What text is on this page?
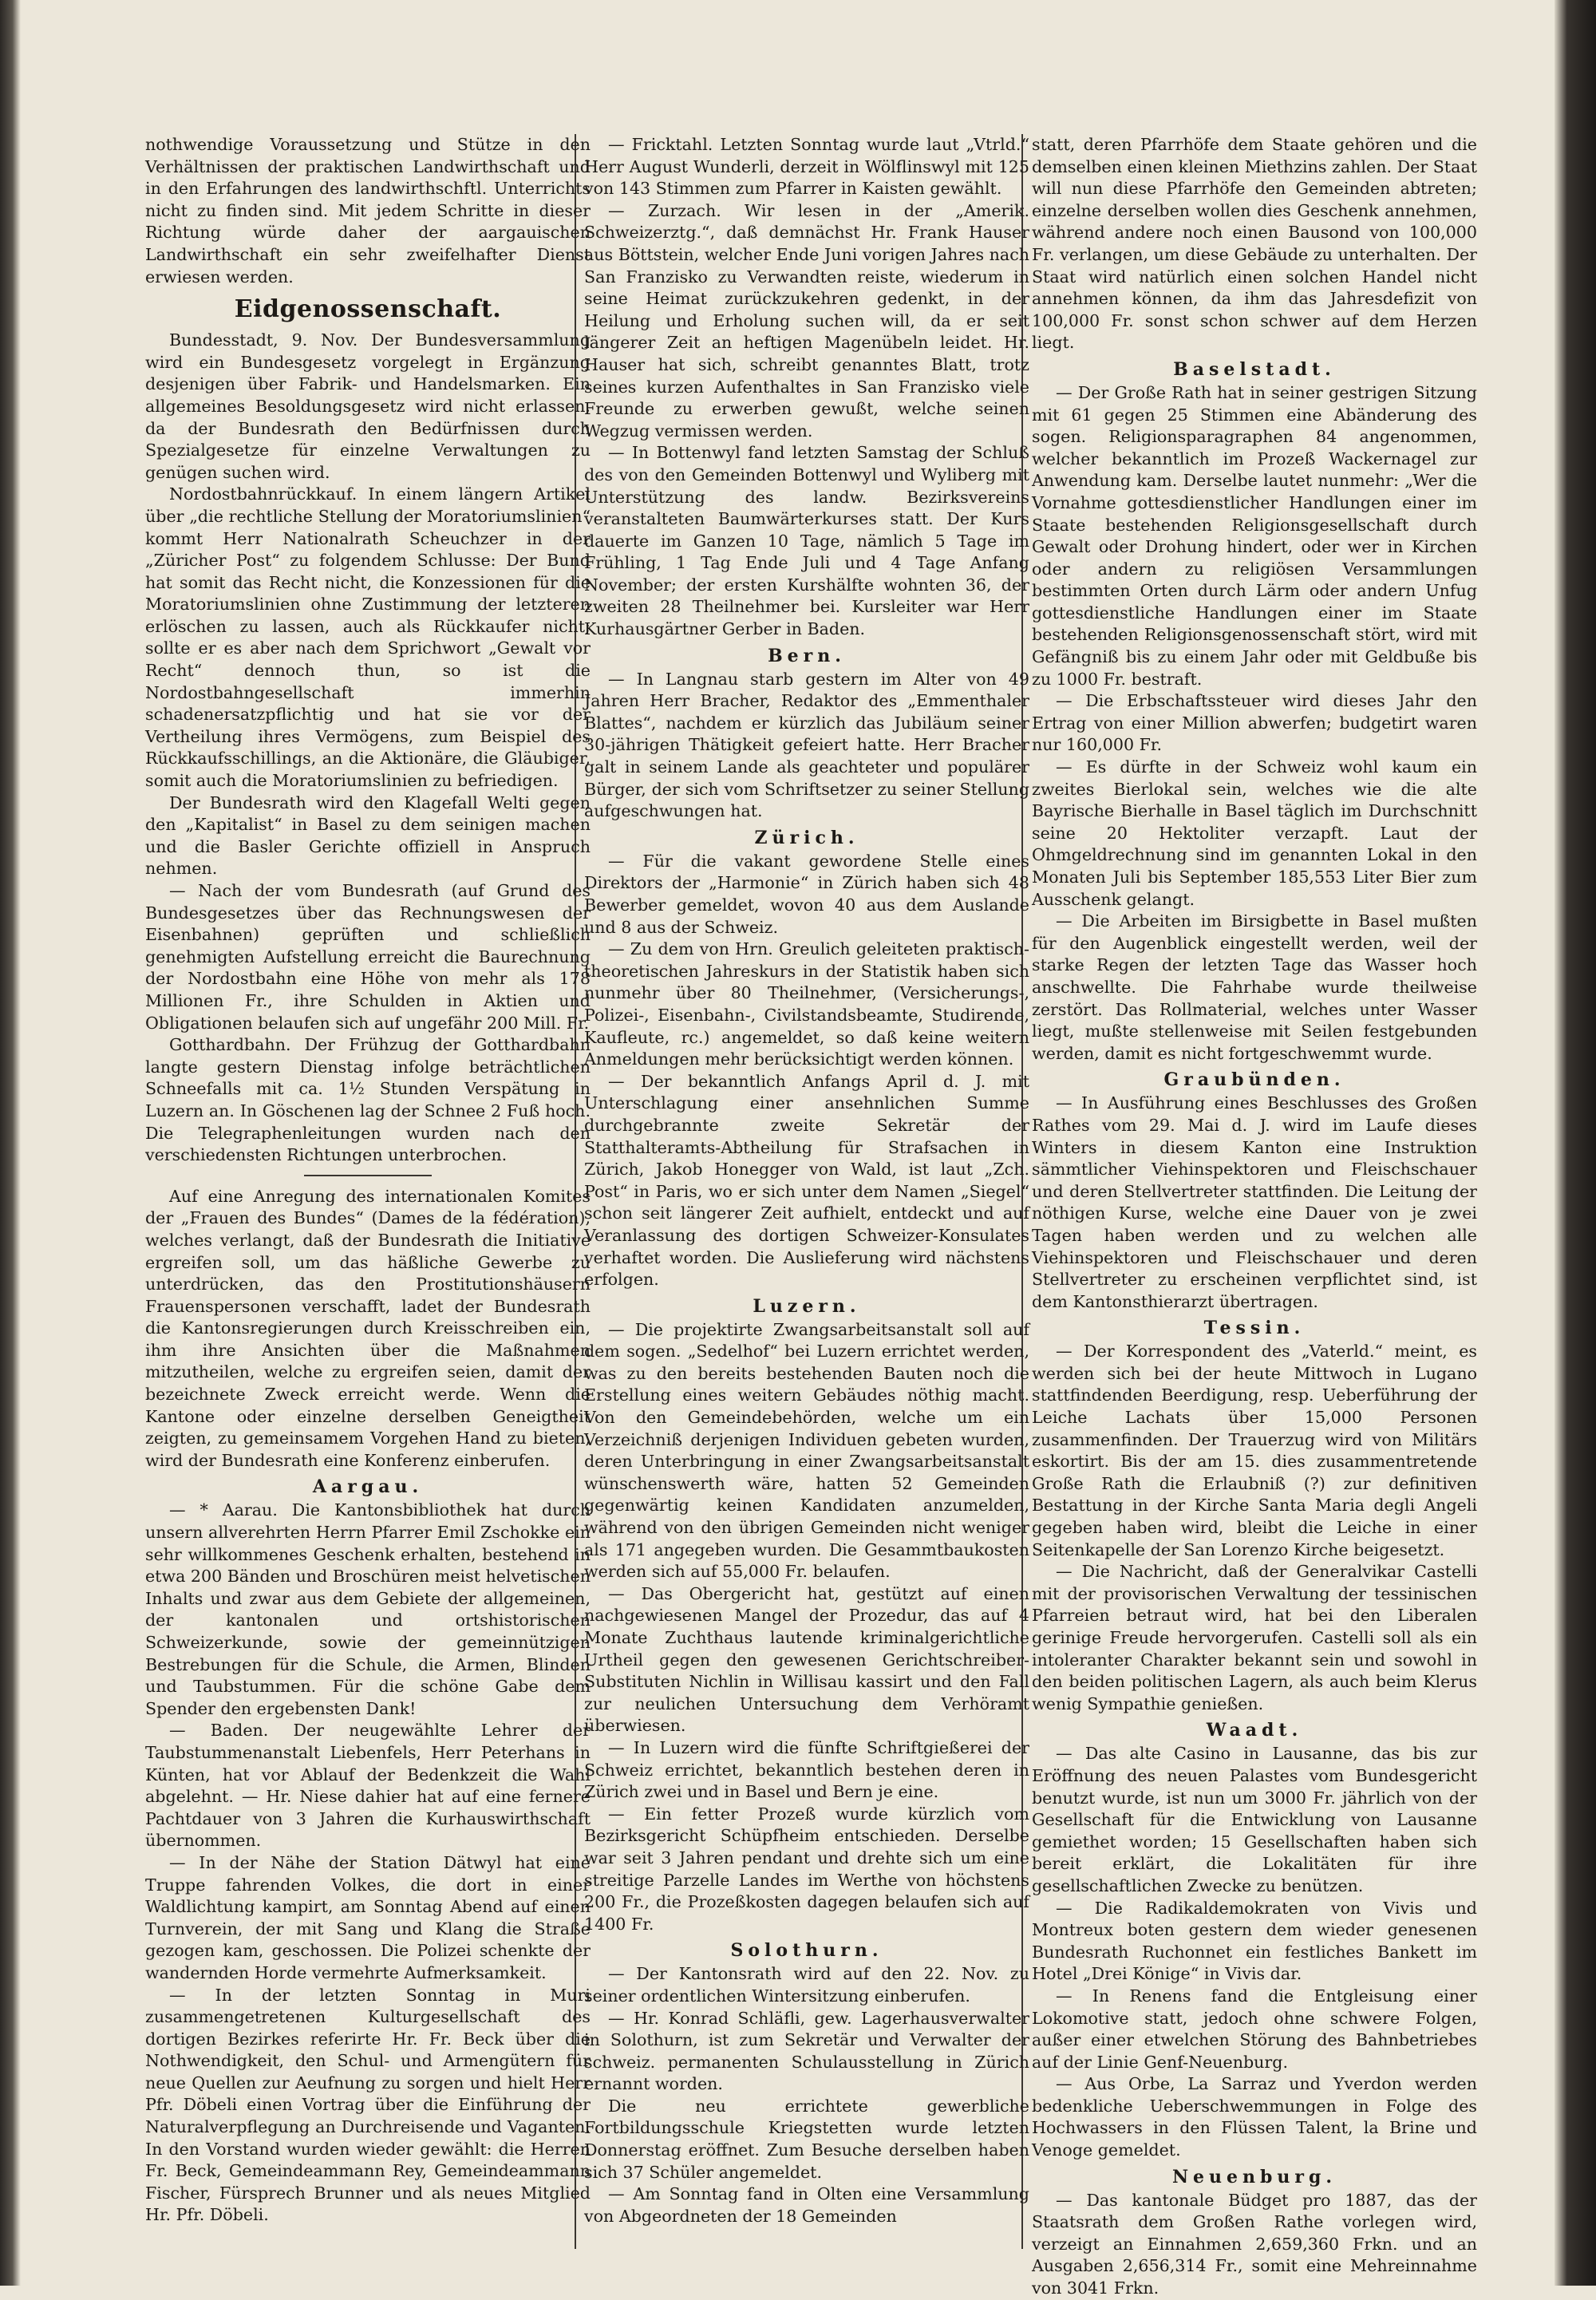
nothwendige Voraussetzung und Stütze in den Verhältnissen der praktischen Landwirthschaft und in den Erfahrungen des landwirthschftl. Unterrichts nicht zu finden sind. Mit jedem Schritte in dieser Richtung würde daher der aargauischen Landwirthschaft ein sehr zweifelhafter Dienst erwiesen werden.

Eidgenossenschaft.

Bundesstadt, 9. Nov. Der Bundesversammlung wird ein Bundesgesetz vorgelegt in Ergänzung desjenigen über Fabrik- und Handelsmarken. Ein allgemeines Besoldungsgesetz wird nicht erlassen, da der Bundesrath den Bedürfnissen durch Spezialgesetze für einzelne Verwaltungen zu genügen suchen wird.

Nordostbahnrückkauf. In einem längern Artikel über „die rechtliche Stellung der Moratoriumslinien“ kommt Herr Nationalrath Scheuchzer in der „Züricher Post“ zu folgendem Schlusse: Der Bund hat somit das Recht nicht, die Konzessionen für die Moratoriumslinien ohne Zustimmung der letzteren erlöschen zu lassen, auch als Rückkaufer nicht; sollte er es aber nach dem Sprichwort „Gewalt vor Recht“ dennoch thun, so ist die Nordostbahngesellschaft immerhin schadenersatzpflichtig und hat sie vor der Vertheilung ihres Vermögens, zum Beispiel des Rückkaufsschillings, an die Aktionäre, die Gläubiger, somit auch die Moratoriumslinien zu befriedigen.

Der Bundesrath wird den Klagefall Welti gegen den „Kapitalist“ in Basel zu dem seinigen machen und die Basler Gerichte offiziell in Anspruch nehmen.

— Nach der vom Bundesrath (auf Grund des Bundesgesetzes über das Rechnungswesen der Eisenbahnen) geprüften und schließlich genehmigten Aufstellung erreicht die Baurechnung der Nordostbahn eine Höhe von mehr als 178 Millionen Fr., ihre Schulden in Aktien und Obligationen belaufen sich auf ungefähr 200 Mill. Fr.

Gotthardbahn. Der Frühzug der Gotthardbahn langte gestern Dienstag infolge beträchtlichen Schneefalls mit ca. 1½ Stunden Verspätung in Luzern an. In Göschenen lag der Schnee 2 Fuß hoch. Die Telegraphenleitungen wurden nach den verschiedensten Richtungen unterbrochen.

Auf eine Anregung des internationalen Komites der „Frauen des Bundes“ (Dames de la fédération), welches verlangt, daß der Bundesrath die Initiative ergreifen soll, um das häßliche Gewerbe zu unterdrücken, das den Prostitutionshäusern Frauenspersonen verschafft, ladet der Bundesrath die Kantonsregierungen durch Kreisschreiben ein, ihm ihre Ansichten über die Maßnahmen mitzutheilen, welche zu ergreifen seien, damit der bezeichnete Zweck erreicht werde. Wenn die Kantone oder einzelne derselben Geneigtheit zeigten, zu gemeinsamem Vorgehen Hand zu bieten, wird der Bundesrath eine Konferenz einberufen.

Aargau.

— * Aarau. Die Kantonsbibliothek hat durch unsern allverehrten Herrn Pfarrer Emil Zschokke ein sehr willkommenes Geschenk erhalten, bestehend in etwa 200 Bänden und Broschüren meist helvetischen Inhalts und zwar aus dem Gebiete der allgemeinen, der kantonalen und ortshistorischen Schweizerkunde, sowie der gemeinnützigen Bestrebungen für die Schule, die Armen, Blinden und Taubstummen. Für die schöne Gabe dem Spender den ergebensten Dank!

— Baden. Der neugewählte Lehrer der Taubstummenanstalt Liebenfels, Herr Peterhans in Künten, hat vor Ablauf der Bedenkzeit die Wahl abgelehnt. — Hr. Niese dahier hat auf eine fernere Pachtdauer von 3 Jahren die Kurhauswirthschaft übernommen.

— In der Nähe der Station Dätwyl hat eine Truppe fahrenden Volkes, die dort in einer Waldlichtung kampirt, am Sonntag Abend auf einen Turnverein, der mit Sang und Klang die Straße gezogen kam, geschossen. Die Polizei schenkte der wandernden Horde vermehrte Aufmerksamkeit.

— In der letzten Sonntag in Muri zusammengetretenen Kulturgesellschaft des dortigen Bezirkes referirte Hr. Fr. Beck über die Nothwendigkeit, den Schul- und Armengütern für neue Quellen zur Aeufnung zu sorgen und hielt Herr Pfr. Döbeli einen Vortrag über die Einführung der Naturalverpflegung an Durchreisende und Vaganten. In den Vorstand wurden wieder gewählt: die Herren Fr. Beck, Gemeindeammann Rey, Gemeindeammann Fischer, Fürsprech Brunner und als neues Mitglied Hr. Pfr. Döbeli.

— Fricktahl. Letzten Sonntag wurde laut „Vtrld.“ Herr August Wunderli, derzeit in Wölflinswyl mit 125 von 143 Stimmen zum Pfarrer in Kaisten gewählt.

— Zurzach. Wir lesen in der „Amerik. Schweizerztg.“, daß demnächst Hr. Frank Hauser aus Böttstein, welcher Ende Juni vorigen Jahres nach San Franzisko zu Verwandten reiste, wiederum in seine Heimat zurückzukehren gedenkt, in der Heilung und Erholung suchen will, da er seit längerer Zeit an heftigen Magenübeln leidet. Hr. Hauser hat sich, schreibt genanntes Blatt, trotz seines kurzen Aufenthaltes in San Franzisko viele Freunde zu erwerben gewußt, welche seinen Wegzug vermissen werden.

— In Bottenwyl fand letzten Samstag der Schluß des von den Gemeinden Bottenwyl und Wyliberg mit Unterstützung des landw. Bezirksvereins veranstalteten Baumwärterkurses statt. Der Kurs dauerte im Ganzen 10 Tage, nämlich 5 Tage im Frühling, 1 Tag Ende Juli und 4 Tage Anfang November; der ersten Kurshälfte wohnten 36, der zweiten 28 Theilnehmer bei. Kursleiter war Herr Kurhausgärtner Gerber in Baden.

Bern.

— In Langnau starb gestern im Alter von 49 Jahren Herr Bracher, Redaktor des „Emmenthaler Blattes“, nachdem er kürzlich das Jubiläum seiner 30-jährigen Thätigkeit gefeiert hatte. Herr Bracher galt in seinem Lande als geachteter und populärer Bürger, der sich vom Schriftsetzer zu seiner Stellung aufgeschwungen hat.

Zürich.

— Für die vakant gewordene Stelle eines Direktors der „Harmonie“ in Zürich haben sich 48 Bewerber gemeldet, wovon 40 aus dem Auslande und 8 aus der Schweiz.

— Zu dem von Hrn. Greulich geleiteten praktisch-theoretischen Jahreskurs in der Statistik haben sich nunmehr über 80 Theilnehmer, (Versicherungs-, Polizei-, Eisenbahn-, Civilstandsbeamte, Studirende, Kaufleute, rc.) angemeldet, so daß keine weitern Anmeldungen mehr berücksichtigt werden können.

— Der bekanntlich Anfangs April d. J. mit Unterschlagung einer ansehnlichen Summe durchgebrannte zweite Sekretär der Statthalteramts-Abtheilung für Strafsachen in Zürich, Jakob Honegger von Wald, ist laut „Zch. Post“ in Paris, wo er sich unter dem Namen „Siegel“ schon seit längerer Zeit aufhielt, entdeckt und auf Veranlassung des dortigen Schweizer-Konsulates verhaftet worden. Die Auslieferung wird nächstens erfolgen.

Luzern.

— Die projektirte Zwangsarbeitsanstalt soll auf dem sogen. „Sedelhof“ bei Luzern errichtet werden, was zu den bereits bestehenden Bauten noch die Erstellung eines weitern Gebäudes nöthig macht. Von den Gemeindebehörden, welche um ein Verzeichniß derjenigen Individuen gebeten wurden, deren Unterbringung in einer Zwangsarbeitsanstalt wünschenswerth wäre, hatten 52 Gemeinden gegenwärtig keinen Kandidaten anzumelden, während von den übrigen Gemeinden nicht weniger als 171 angegeben wurden. Die Gesammtbaukosten werden sich auf 55,000 Fr. belaufen.

— Das Obergericht hat, gestützt auf einen nachgewiesenen Mangel der Prozedur, das auf 4 Monate Zuchthaus lautende kriminalgerichtliche Urtheil gegen den gewesenen Gerichtschreiber-Substituten Nichlin in Willisau kassirt und den Fall zur neulichen Untersuchung dem Verhöramt überwiesen.

— In Luzern wird die fünfte Schriftgießerei der Schweiz errichtet, bekanntlich bestehen deren in Zürich zwei und in Basel und Bern je eine.

— Ein fetter Prozeß wurde kürzlich vom Bezirksgericht Schüpfheim entschieden. Derselbe war seit 3 Jahren pendant und drehte sich um eine streitige Parzelle Landes im Werthe von höchstens 200 Fr., die Prozeßkosten dagegen belaufen sich auf 1400 Fr.

Solothurn.

— Der Kantonsrath wird auf den 22. Nov. zu seiner ordentlichen Wintersitzung einberufen.

— Hr. Konrad Schläfli, gew. Lagerhausverwalter in Solothurn, ist zum Sekretär und Verwalter der schweiz. permanenten Schulausstellung in Zürich ernannt worden.

Die neu errichtete gewerbliche Fortbildungsschule Kriegstetten wurde letzten Donnerstag eröffnet. Zum Besuche derselben haben sich 37 Schüler angemeldet.

— Am Sonntag fand in Olten eine Versammlung von Abgeordneten der 18 Gemeinden

statt, deren Pfarrhöfe dem Staate gehören und die demselben einen kleinen Miethzins zahlen. Der Staat will nun diese Pfarrhöfe den Gemeinden abtreten; einzelne derselben wollen dies Geschenk annehmen, während andere noch einen Bausond von 100,000 Fr. verlangen, um diese Gebäude zu unterhalten. Der Staat wird natürlich einen solchen Handel nicht annehmen können, da ihm das Jahresdefizit von 100,000 Fr. sonst schon schwer auf dem Herzen liegt.

Baselstadt.

— Der Große Rath hat in seiner gestrigen Sitzung mit 61 gegen 25 Stimmen eine Abänderung des sogen. Religionsparagraphen 84 angenommen, welcher bekanntlich im Prozeß Wackernagel zur Anwendung kam. Derselbe lautet nunmehr: „Wer die Vornahme gottesdienstlicher Handlungen einer im Staate bestehenden Religionsgesellschaft durch Gewalt oder Drohung hindert, oder wer in Kirchen oder andern zu religiösen Versammlungen bestimmten Orten durch Lärm oder andern Unfug gottesdienstliche Handlungen einer im Staate bestehenden Religionsgenossenschaft stört, wird mit Gefängniß bis zu einem Jahr oder mit Geldbuße bis zu 1000 Fr. bestraft.

— Die Erbschaftssteuer wird dieses Jahr den Ertrag von einer Million abwerfen; budgetirt waren nur 160,000 Fr.

— Es dürfte in der Schweiz wohl kaum ein zweites Bierlokal sein, welches wie die alte Bayrische Bierhalle in Basel täglich im Durchschnitt seine 20 Hektoliter verzapft. Laut der Ohmgeldrechnung sind im genannten Lokal in den Monaten Juli bis September 185,553 Liter Bier zum Ausschenk gelangt.

— Die Arbeiten im Birsigbette in Basel mußten für den Augenblick eingestellt werden, weil der starke Regen der letzten Tage das Wasser hoch anschwellte. Die Fahrhabe wurde theilweise zerstört. Das Rollmaterial, welches unter Wasser liegt, mußte stellenweise mit Seilen festgebunden werden, damit es nicht fortgeschwemmt wurde.

Graubünden.

— In Ausführung eines Beschlusses des Großen Rathes vom 29. Mai d. J. wird im Laufe dieses Winters in diesem Kanton eine Instruktion sämmtlicher Viehinspektoren und Fleischschauer und deren Stellvertreter stattfinden. Die Leitung der nöthigen Kurse, welche eine Dauer von je zwei Tagen haben werden und zu welchen alle Viehinspektoren und Fleischschauer und deren Stellvertreter zu erscheinen verpflichtet sind, ist dem Kantonsthierarzt übertragen.

Tessin.

— Der Korrespondent des „Vaterld.“ meint, es werden sich bei der heute Mittwoch in Lugano stattfindenden Beerdigung, resp. Ueberführung der Leiche Lachats über 15,000 Personen zusammenfinden. Der Trauerzug wird von Militärs eskortirt. Bis der am 15. dies zusammentretende Große Rath die Erlaubniß (?) zur definitiven Bestattung in der Kirche Santa Maria degli Angeli gegeben haben wird, bleibt die Leiche in einer Seitenkapelle der San Lorenzo Kirche beigesetzt.

— Die Nachricht, daß der Generalvikar Castelli mit der provisorischen Verwaltung der tessinischen Pfarreien betraut wird, hat bei den Liberalen gerinige Freude hervorgerufen. Castelli soll als ein intoleranter Charakter bekannt sein und sowohl in den beiden politischen Lagern, als auch beim Klerus wenig Sympathie genießen.

Waadt.

— Das alte Casino in Lausanne, das bis zur Eröffnung des neuen Palastes vom Bundesgericht benutzt wurde, ist nun um 3000 Fr. jährlich von der Gesellschaft für die Entwicklung von Lausanne gemiethet worden; 15 Gesellschaften haben sich bereit erklärt, die Lokalitäten für ihre gesellschaftlichen Zwecke zu benützen.

— Die Radikaldemokraten von Vivis und Montreux boten gestern dem wieder genesenen Bundesrath Ruchonnet ein festliches Bankett im Hotel „Drei Könige“ in Vivis dar.

— In Renens fand die Entgleisung einer Lokomotive statt, jedoch ohne schwere Folgen, außer einer etwelchen Störung des Bahnbetriebes auf der Linie Genf-Neuenburg.

— Aus Orbe, La Sarraz und Yverdon werden bedenkliche Ueberschwemmungen in Folge des Hochwassers in den Flüssen Talent, la Brine und Venoge gemeldet.

Neuenburg.

— Das kantonale Büdget pro 1887, das der Staatsrath dem Großen Rathe vorlegen wird, verzeigt an Einnahmen 2,659,360 Frkn. und an Ausgaben 2,656,314 Fr., somit eine Mehreinnahme von 3041 Frkn.
